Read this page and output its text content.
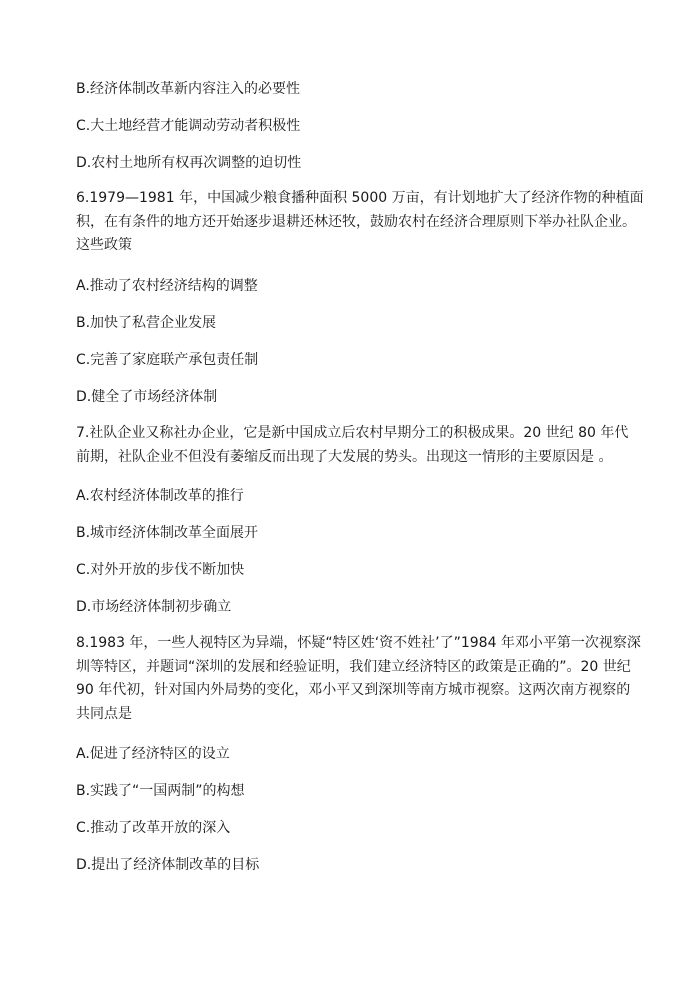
B.经济体制改革新内容注入的必要性
C.大土地经营才能调动劳动者积极性
D.农村土地所有权再次调整的迫切性
6.1979—1981 年，中国减少粮食播种面积 5000 万亩，有计划地扩大了经济作物的种植面
积，在有条件的地方还开始逐步退耕还林还牧，鼓励农村在经济合理原则下举办社队企业。
这些政策
A.推动了农村经济结构的调整
B.加快了私营企业发展
C.完善了家庭联产承包责任制
D.健全了市场经济体制
7.社队企业又称社办企业，它是新中国成立后农村早期分工的积极成果。20 世纪 80 年代
前期，社队企业不但没有萎缩反而出现了大发展的势头。出现这一情形的主要原因是 。
A.农村经济体制改革的推行
B.城市经济体制改革全面展开
C.对外开放的步伐不断加快
D.市场经济体制初步确立
8.1983 年，一些人视特区为异端，怀疑“特区姓‘资不姓社’了”1984 年邓小平第一次视察深
圳等特区，并题词“深圳的发展和经验证明，我们建立经济特区的政策是正确的”。20 世纪
90 年代初，针对国内外局势的变化，邓小平又到深圳等南方城市视察。这两次南方视察的
共同点是
A.促进了经济特区的设立
B.实践了“一国两制”的构想
C.推动了改革开放的深入
D.提出了经济体制改革的目标
